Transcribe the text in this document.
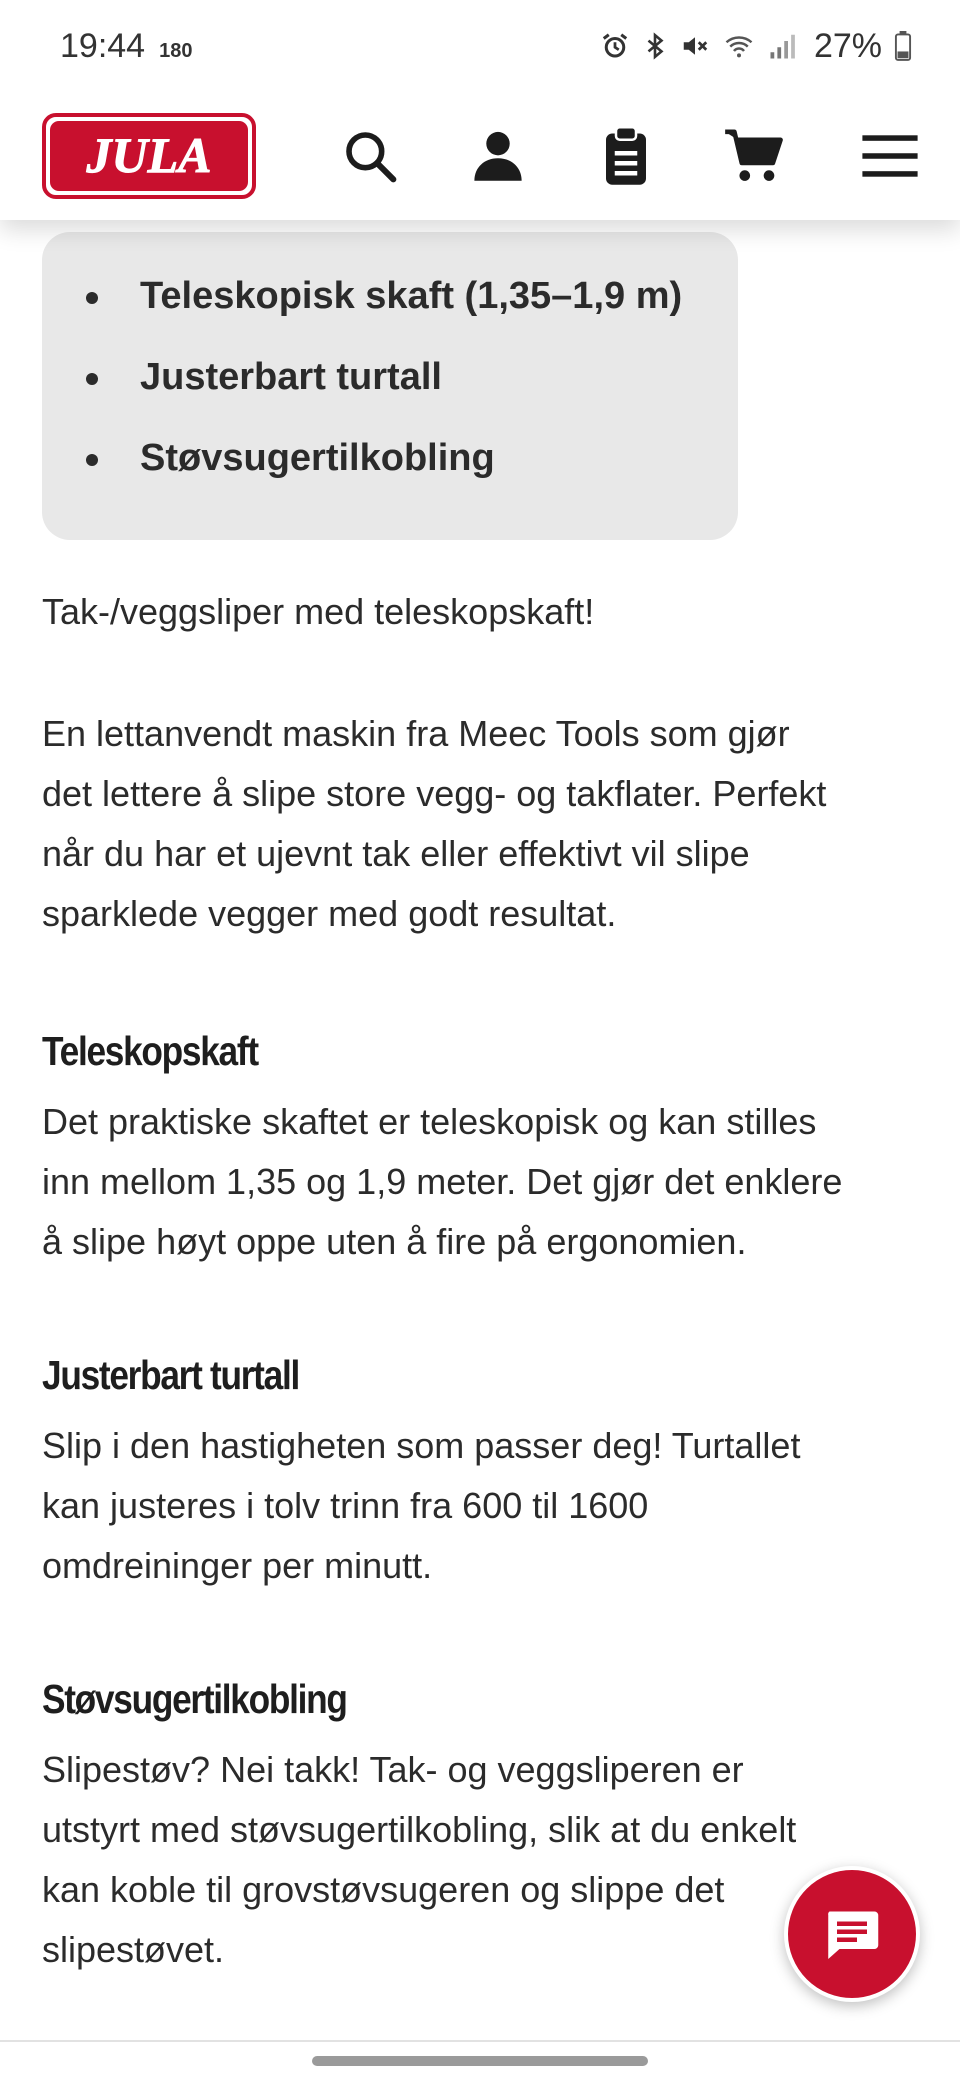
19:44 180	27%
JULA
Teleskopisk skaft (1,35–1,9 m)
Justerbart turtall
Støvsugertilkobling
Tak-/veggsliper med teleskopskaft!
En lettanvendt maskin fra Meec Tools som gjør
det lettere å slipe store vegg- og takflater. Perfekt
når du har et ujevnt tak eller effektivt vil slipe
sparklede vegger med godt resultat.
Teleskopskaft
Det praktiske skaftet er teleskopisk og kan stilles
inn mellom 1,35 og 1,9 meter. Det gjør det enklere
å slipe høyt oppe uten å fire på ergonomien.
Justerbart turtall
Slip i den hastigheten som passer deg! Turtallet
kan justeres i tolv trinn fra 600 til 1600
omdreininger per minutt.
Støvsugertilkobling
Slipestøv? Nei takk! Tak- og veggsliperen er
utstyrt med støvsugertilkobling, slik at du enkelt
kan koble til grovstøvsugeren og slippe det
slipestøvet.
